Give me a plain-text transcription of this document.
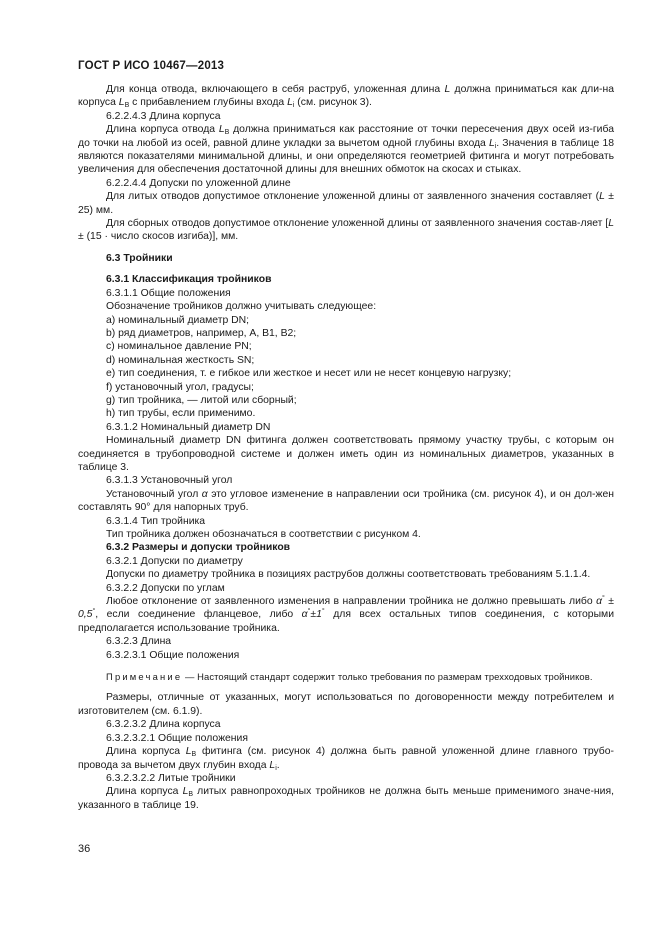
ГОСТ Р ИСО 10467—2013

Для конца отвода, включающего в себя раструб, уложенная длина L должна приниматься как дли-на корпуса $L_B$ с прибавлением глубины входа $L_i$ (см. рисунок 3).

6.2.2.4.3 Длина корпуса

Длина корпуса отвода $L_B$ должна приниматься как расстояние от точки пересечения двух осей из-гиба до точки на любой из осей, равной длине укладки за вычетом одной глубины входа $L_i$. Значения в таблице 18 являются показателями минимальной длины, и они определяются геометрией фитинга и могут потребовать увеличения для обеспечения достаточной длины для внешних обмоток на скосах и стыках.

6.2.2.4.4 Допуски по уложенной длине

Для литых отводов допустимое отклонение уложенной длины от заявленного значения составляет (L ± 25) мм.

Для сборных отводов допустимое отклонение уложенной длины от заявленного значения состав-ляет [L ± (15 · число скосов изгиба)], мм.

6.3 Тройники

6.3.1 Классификация тройников

6.3.1.1 Общие положения

Обозначение тройников должно учитывать следующее:

a) номинальный диаметр DN;

b) ряд диаметров, например, A, B1, B2;

c) номинальное давление PN;

d) номинальная жесткость SN;

e) тип соединения, т. е гибкое или жесткое и несет или не несет концевую нагрузку;

f) установочный угол, градусы;

g) тип тройника, — литой или сборный;

h) тип трубы, если применимо.

6.3.1.2 Номинальный диаметр DN

Номинальный диаметр DN фитинга должен соответствовать прямому участку трубы, с которым он соединяется в трубопроводной системе и должен иметь один из номинальных диаметров, указанных в таблице 3.

6.3.1.3 Установочный угол

Установочный угол α это угловое изменение в направлении оси тройника (см. рисунок 4), и он дол-жен составлять 90° для напорных труб.

6.3.1.4 Тип тройника

Тип тройника должен обозначаться в соответствии с рисунком 4.

6.3.2 Размеры и допуски тройников

6.3.2.1 Допуски по диаметру

Допуски по диаметру тройника в позициях раструбов должны соответствовать требованиям 5.1.1.4.

6.3.2.2 Допуски по углам

Любое отклонение от заявленного изменения в направлении тройника не должно превышать либо α° ± 0,5°, если соединение фланцевое, либо α°±1° для всех остальных типов соединения, с которыми предполагается использование тройника.

6.3.2.3 Длина

6.3.2.3.1 Общие положения

Примечание — Настоящий стандарт содержит только требования по размерам трехходовых тройников.

Размеры, отличные от указанных, могут использоваться по договоренности между потребителем и изготовителем (см. 6.1.9).

6.3.2.3.2 Длина корпуса

6.3.2.3.2.1 Общие положения

Длина корпуса $L_B$ фитинга (см. рисунок 4) должна быть равной уложенной длине главного трубо-провода за вычетом двух глубин входа $L_i$.

6.3.2.3.2.2 Литые тройники

Длина корпуса $L_B$ литых равнопроходных тройников не должна быть меньше применимого значе-ния, указанного в таблице 19.

36
